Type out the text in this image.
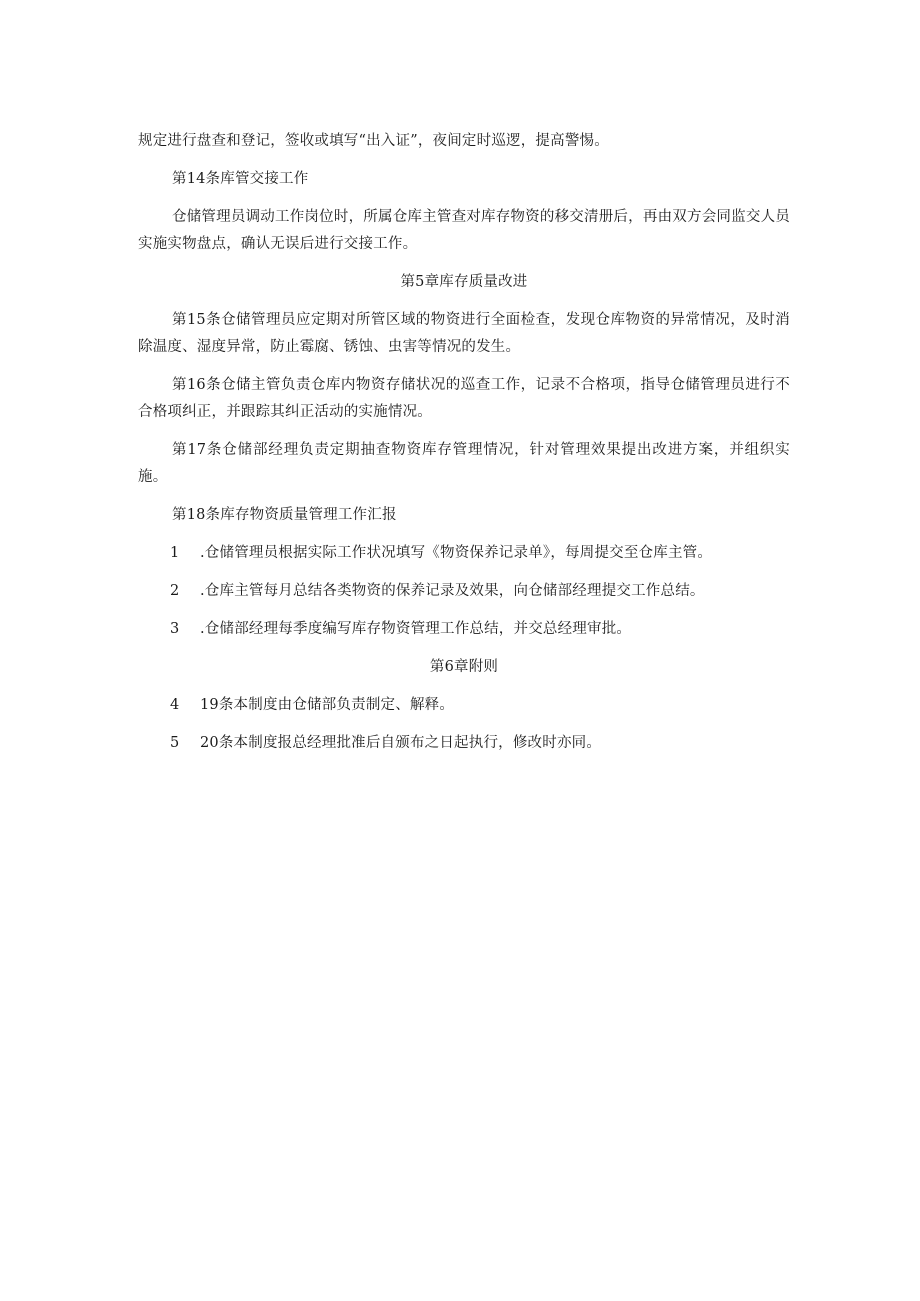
规定进行盘查和登记，签收或填写“出入证”，夜间定时巡逻，提高警惕。

第14条库管交接工作

仓储管理员调动工作岗位时，所属仓库主管查对库存物资的移交清册后，再由双方会同监交人员实施实物盘点，确认无误后进行交接工作。

第5章库存质量改进

第15条仓储管理员应定期对所管区域的物资进行全面检查，发现仓库物资的异常情况，及时消除温度、湿度异常，防止霉腐、锈蚀、虫害等情况的发生。

第16条仓储主管负责仓库内物资存储状况的巡查工作，记录不合格项，指导仓储管理员进行不合格项纠正，并跟踪其纠正活动的实施情况。

第17条仓储部经理负责定期抽查物资库存管理情况，针对管理效果提出改进方案，并组织实施。

第18条库存物资质量管理工作汇报

1 .仓储管理员根据实际工作状况填写《物资保养记录单》，每周提交至仓库主管。

2 .仓库主管每月总结各类物资的保养记录及效果，向仓储部经理提交工作总结。

3 .仓储部经理每季度编写库存物资管理工作总结，并交总经理审批。

第6章附则

4 19条本制度由仓储部负责制定、解释。

5 20条本制度报总经理批准后自颁布之日起执行，修改时亦同。
